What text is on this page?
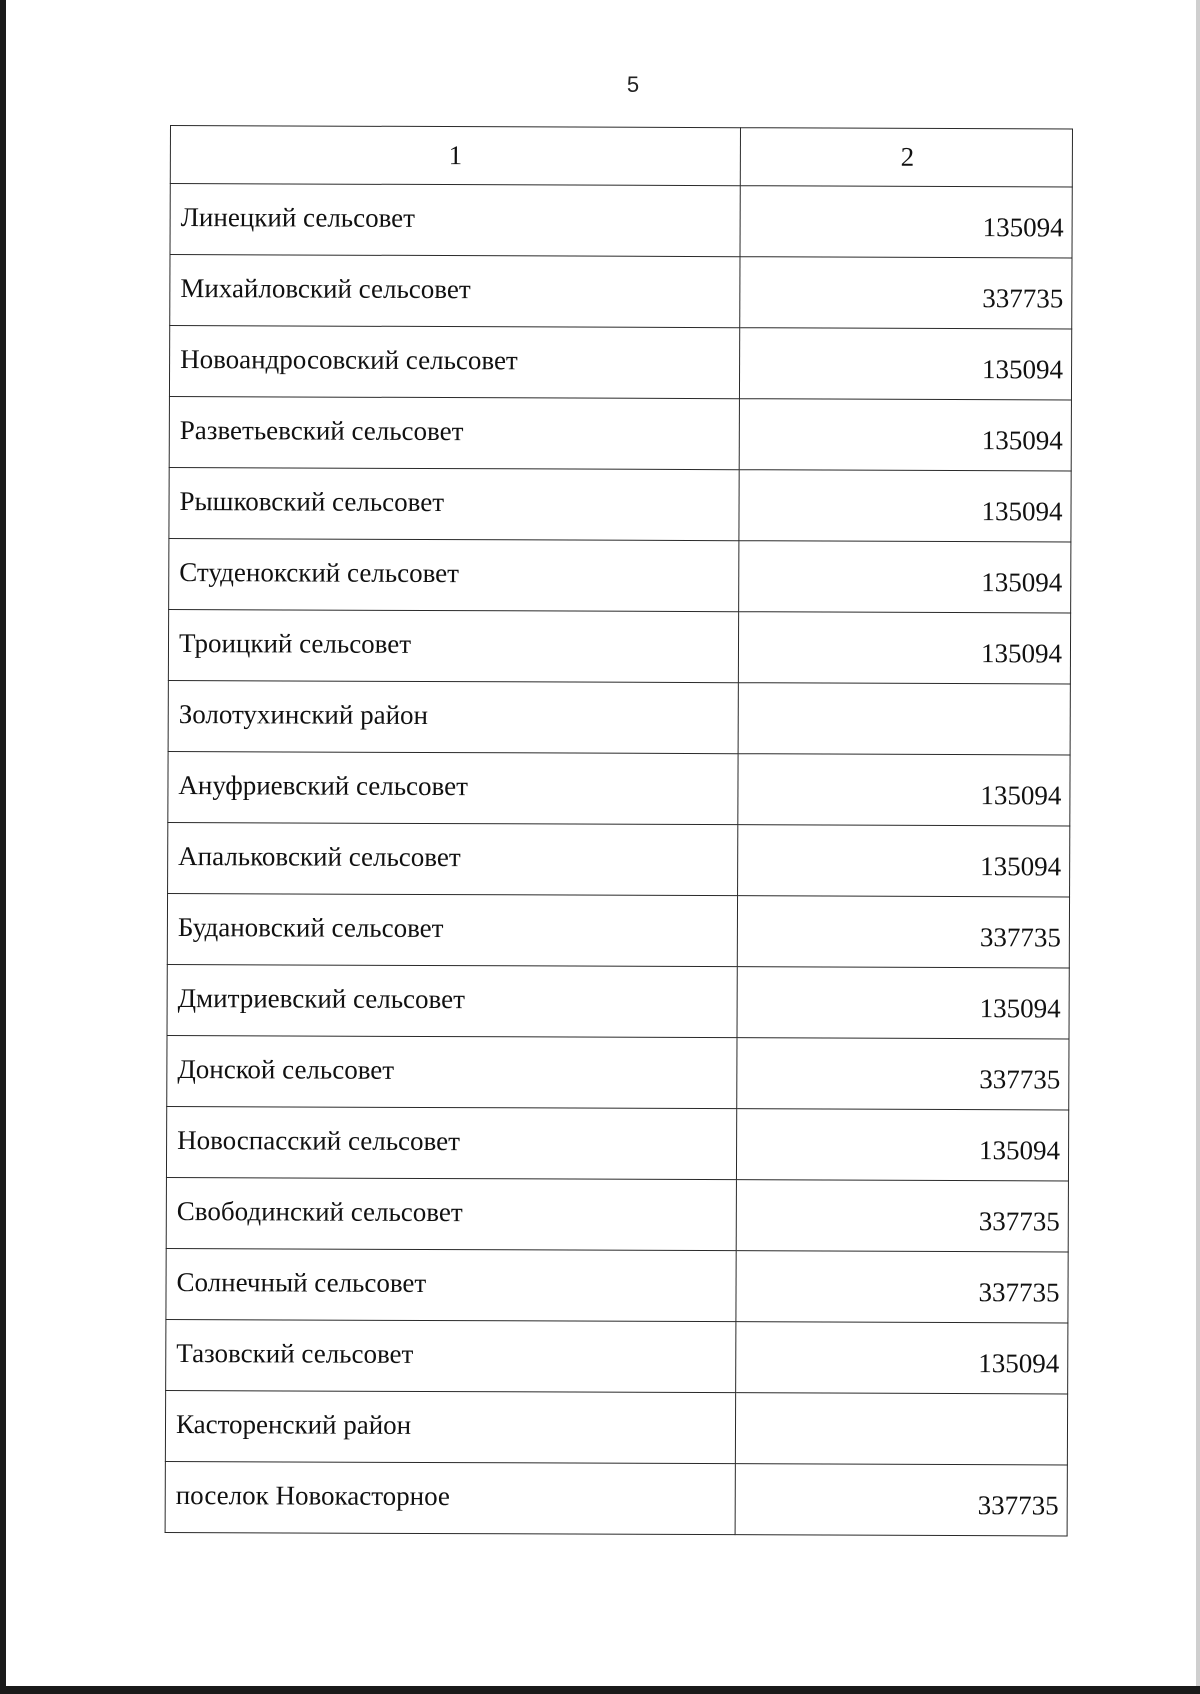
5
1	2
Линецкий сельсовет	135094
Михайловский сельсовет	337735
Новоандросовский сельсовет	135094
Разветьевский сельсовет	135094
Рышковский сельсовет	135094
Студенокский сельсовет	135094
Троицкий сельсовет	135094
Золотухинский район	
Ануфриевский сельсовет	135094
Апальковский сельсовет	135094
Будановский сельсовет	337735
Дмитриевский сельсовет	135094
Донской сельсовет	337735
Новоспасский сельсовет	135094
Свободинский сельсовет	337735
Солнечный сельсовет	337735
Тазовский сельсовет	135094
Касторенский район	
поселок Новокасторное	337735
